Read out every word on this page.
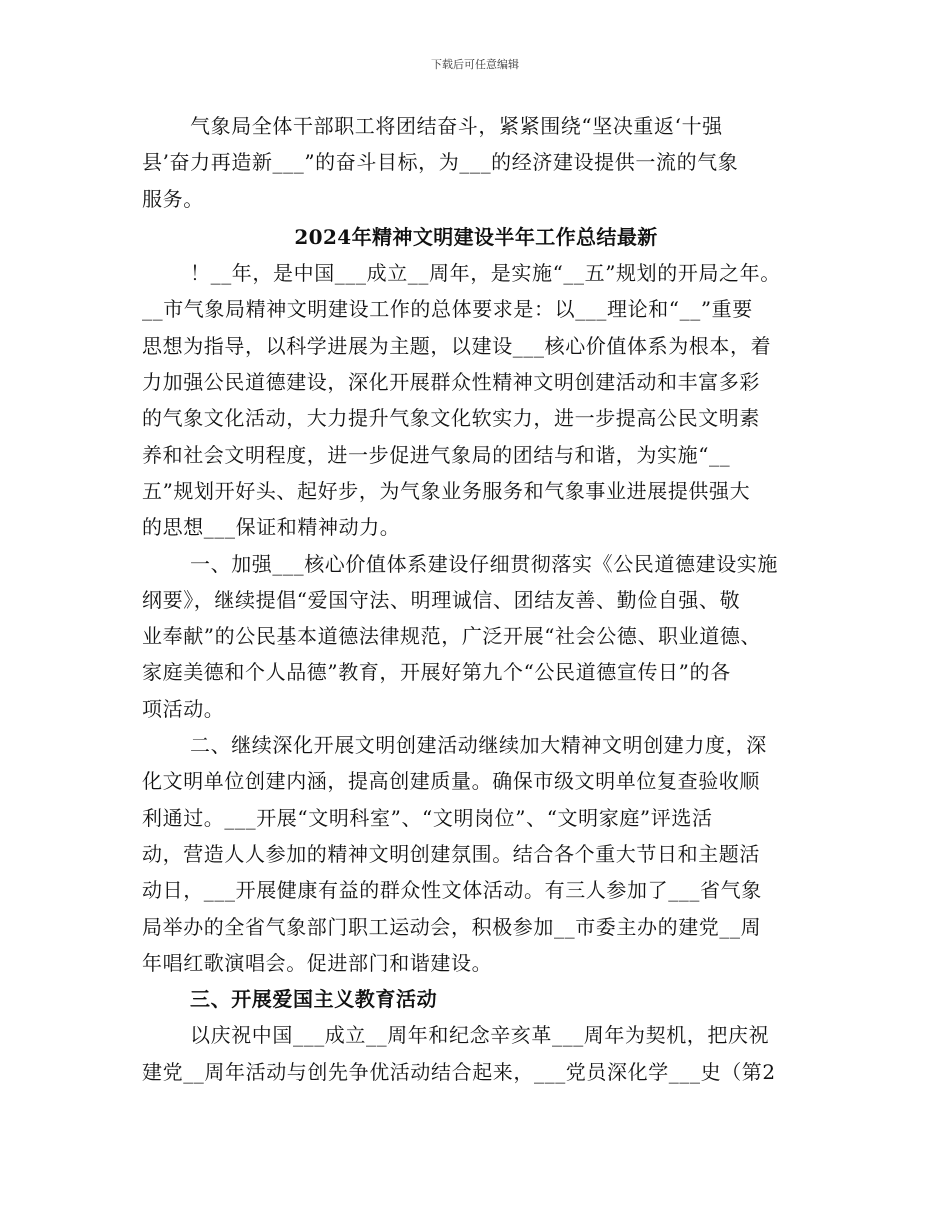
下载后可任意编辑
气象局全体干部职工将团结奋斗，紧紧围绕“坚决重返‘十强
县’奋力再造新___”的奋斗目标，为___的经济建设提供一流的气象
服务。
2024年精神文明建设半年工作总结最新
！__年，是中国___成立__周年，是实施“__五”规划的开局之年。
__市气象局精神文明建设工作的总体要求是：以___理论和“__”重要
思想为指导，以科学进展为主题，以建设___核心价值体系为根本，着
力加强公民道德建设，深化开展群众性精神文明创建活动和丰富多彩
的气象文化活动，大力提升气象文化软实力，进一步提高公民文明素
养和社会文明程度，进一步促进气象局的团结与和谐，为实施“__
五”规划开好头、起好步，为气象业务服务和气象事业进展提供强大
的思想___保证和精神动力。
一、加强___核心价值体系建设仔细贯彻落实《公民道德建设实施
纲要》，继续提倡“爱国守法、明理诚信、团结友善、勤俭自强、敬
业奉献”的公民基本道德法律规范，广泛开展“社会公德、职业道德、
家庭美德和个人品德”教育，开展好第九个“公民道德宣传日”的各
项活动。
二、继续深化开展文明创建活动继续加大精神文明创建力度，深
化文明单位创建内涵，提高创建质量。确保市级文明单位复查验收顺
利通过。___开展“文明科室”、“文明岗位”、“文明家庭”评选活
动，营造人人参加的精神文明创建氛围。结合各个重大节日和主题活
动日，___开展健康有益的群众性文体活动。有三人参加了___省气象
局举办的全省气象部门职工运动会，积极参加__市委主办的建党__周
年唱红歌演唱会。促进部门和谐建设。
三、开展爱国主义教育活动
以庆祝中国___成立__周年和纪念辛亥革___周年为契机，把庆祝
建党__周年活动与创先争优活动结合起来，___党员深化学___史（第2
